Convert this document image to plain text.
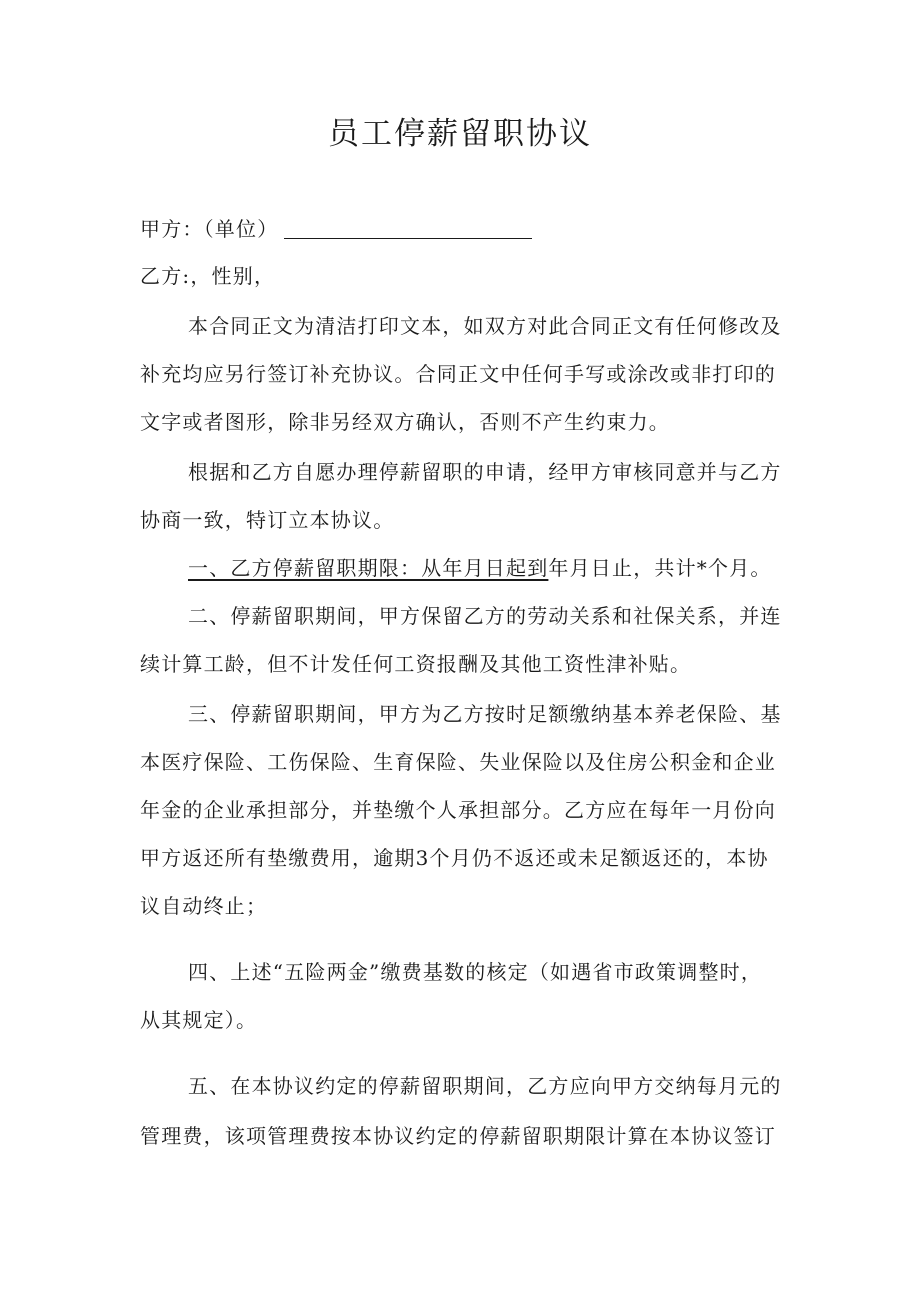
员工停薪留职协议

甲方：（单位）

乙方:，性别，

本合同正文为清洁打印文本，如双方对此合同正文有任何修改及

补充均应另行签订补充协议。合同正文中任何手写或涂改或非打印的

文字或者图形，除非另经双方确认，否则不产生约束力。

根据和乙方自愿办理停薪留职的申请，经甲方审核同意并与乙方

协商一致，特订立本协议。

一、乙方停薪留职期限：从年月日起到年月日止，共计*个月。

二、停薪留职期间，甲方保留乙方的劳动关系和社保关系，并连

续计算工龄，但不计发任何工资报酬及其他工资性津补贴。

三、停薪留职期间，甲方为乙方按时足额缴纳基本养老保险、基

本医疗保险、工伤保险、生育保险、失业保险以及住房公积金和企业

年金的企业承担部分，并垫缴个人承担部分。乙方应在每年一月份向

甲方返还所有垫缴费用，逾期3个月仍不返还或未足额返还的，本协

议自动终止；

四、上述“五险两金”缴费基数的核定（如遇省市政策调整时，

从其规定）。

五、在本协议约定的停薪留职期间，乙方应向甲方交纳每月元的

管理费，该项管理费按本协议约定的停薪留职期限计算在本协议签订
